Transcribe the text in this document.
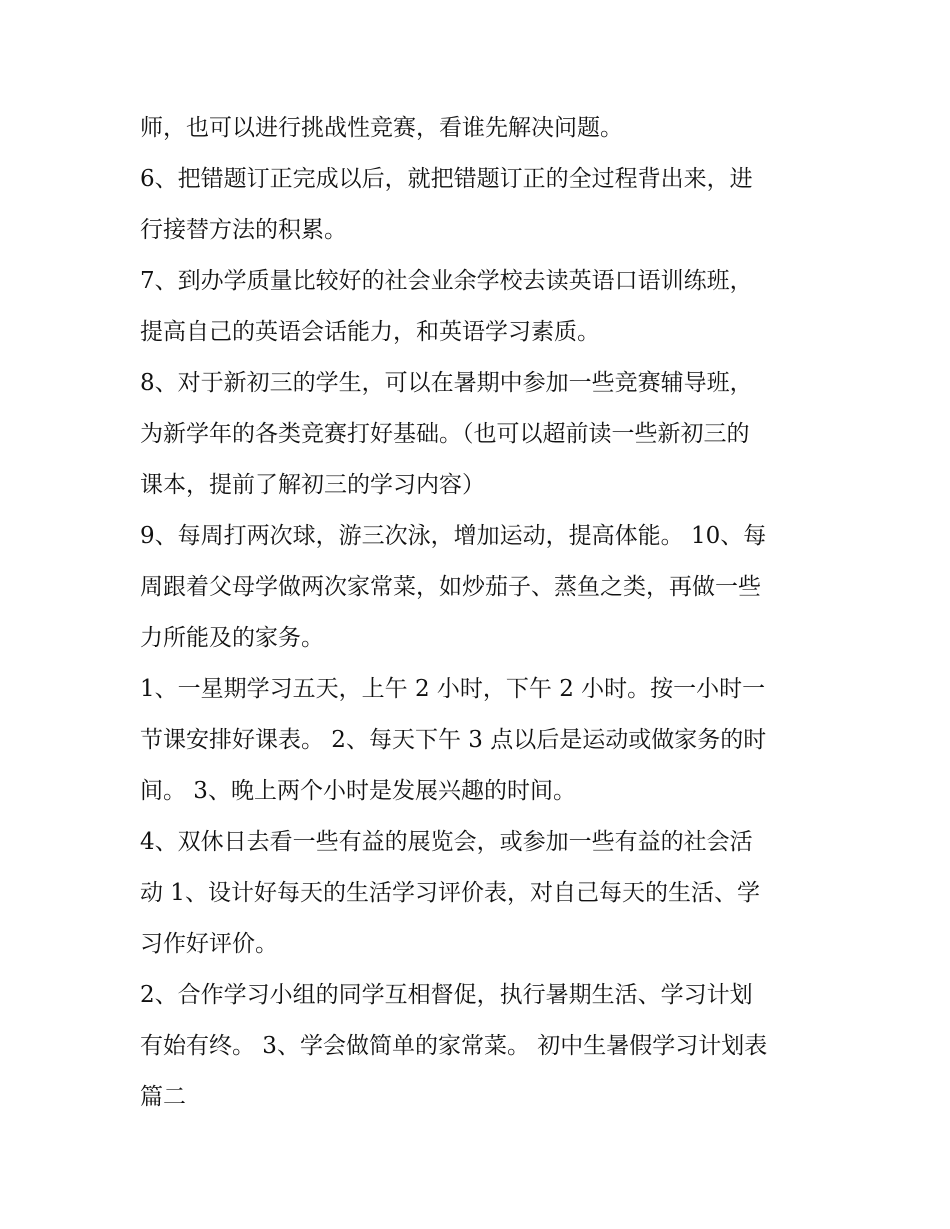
师，也可以进行挑战性竞赛，看谁先解决问题。
6、把错题订正完成以后，就把错题订正的全过程背出来，进
行接替方法的积累。
7、到办学质量比较好的社会业余学校去读英语口语训练班，
提高自己的英语会话能力，和英语学习素质。
8、对于新初三的学生，可以在暑期中参加一些竞赛辅导班，
为新学年的各类竞赛打好基础。（也可以超前读一些新初三的
课本，提前了解初三的学习内容）
9、每周打两次球，游三次泳，增加运动，提高体能。 10、每
周跟着父母学做两次家常菜，如炒茄子、蒸鱼之类，再做一些
力所能及的家务。
1、一星期学习五天，上午 2 小时，下午 2 小时。按一小时一
节课安排好课表。 2、每天下午 3 点以后是运动或做家务的时
间。 3、晚上两个小时是发展兴趣的时间。
4、双休日去看一些有益的展览会，或参加一些有益的社会活
动 1、设计好每天的生活学习评价表，对自己每天的生活、学
习作好评价。
2、合作学习小组的同学互相督促，执行暑期生活、学习计划
有始有终。 3、学会做简单的家常菜。 初中生暑假学习计划表
篇二
